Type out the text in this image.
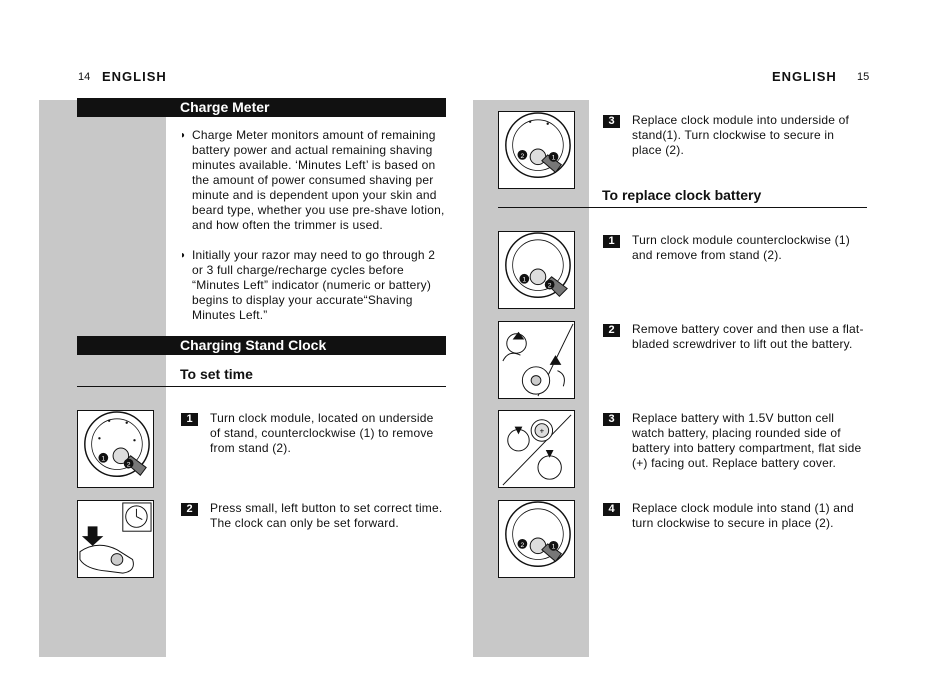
14 ENGLISH	ENGLISH 15
Charge Meter
◗ Charge Meter monitors amount of remaining
battery power and actual remaining shaving
minutes available. ‘Minutes Left’ is based on
the amount of power consumed shaving per
minute and is dependent upon your skin and
beard type, whether you use pre-shave lotion,
and how often the trimmer is used.
◗ Initially your razor may need to go through 2
or 3 full charge/recharge cycles before
“Minutes Left” indicator (numeric or battery)
begins to display your accurate“Shaving
Minutes Left.”
Charging Stand Clock
To set time
1
2
1	Turn clock module, located on underside
of stand, counterclockwise (1) to remove
from stand (2).
2	Press small, left button to set correct time.
The clock can only be set forward.
2	1
3	Replace clock module into underside of
stand(1). Turn clockwise to secure in
place (2).
To replace clock battery
1
2
1	Turn clock module counterclockwise (1)
and remove from stand (2).
2	Remove battery cover and then use a flat-
bladed screwdriver to lift out the battery.
+
3	Replace battery with 1.5V button cell
watch battery, placing rounded side of
battery into battery compartment, flat side
(+) facing out. Replace battery cover.
2	1
4	Replace clock module into stand (1) and
turn clockwise to secure in place (2).
